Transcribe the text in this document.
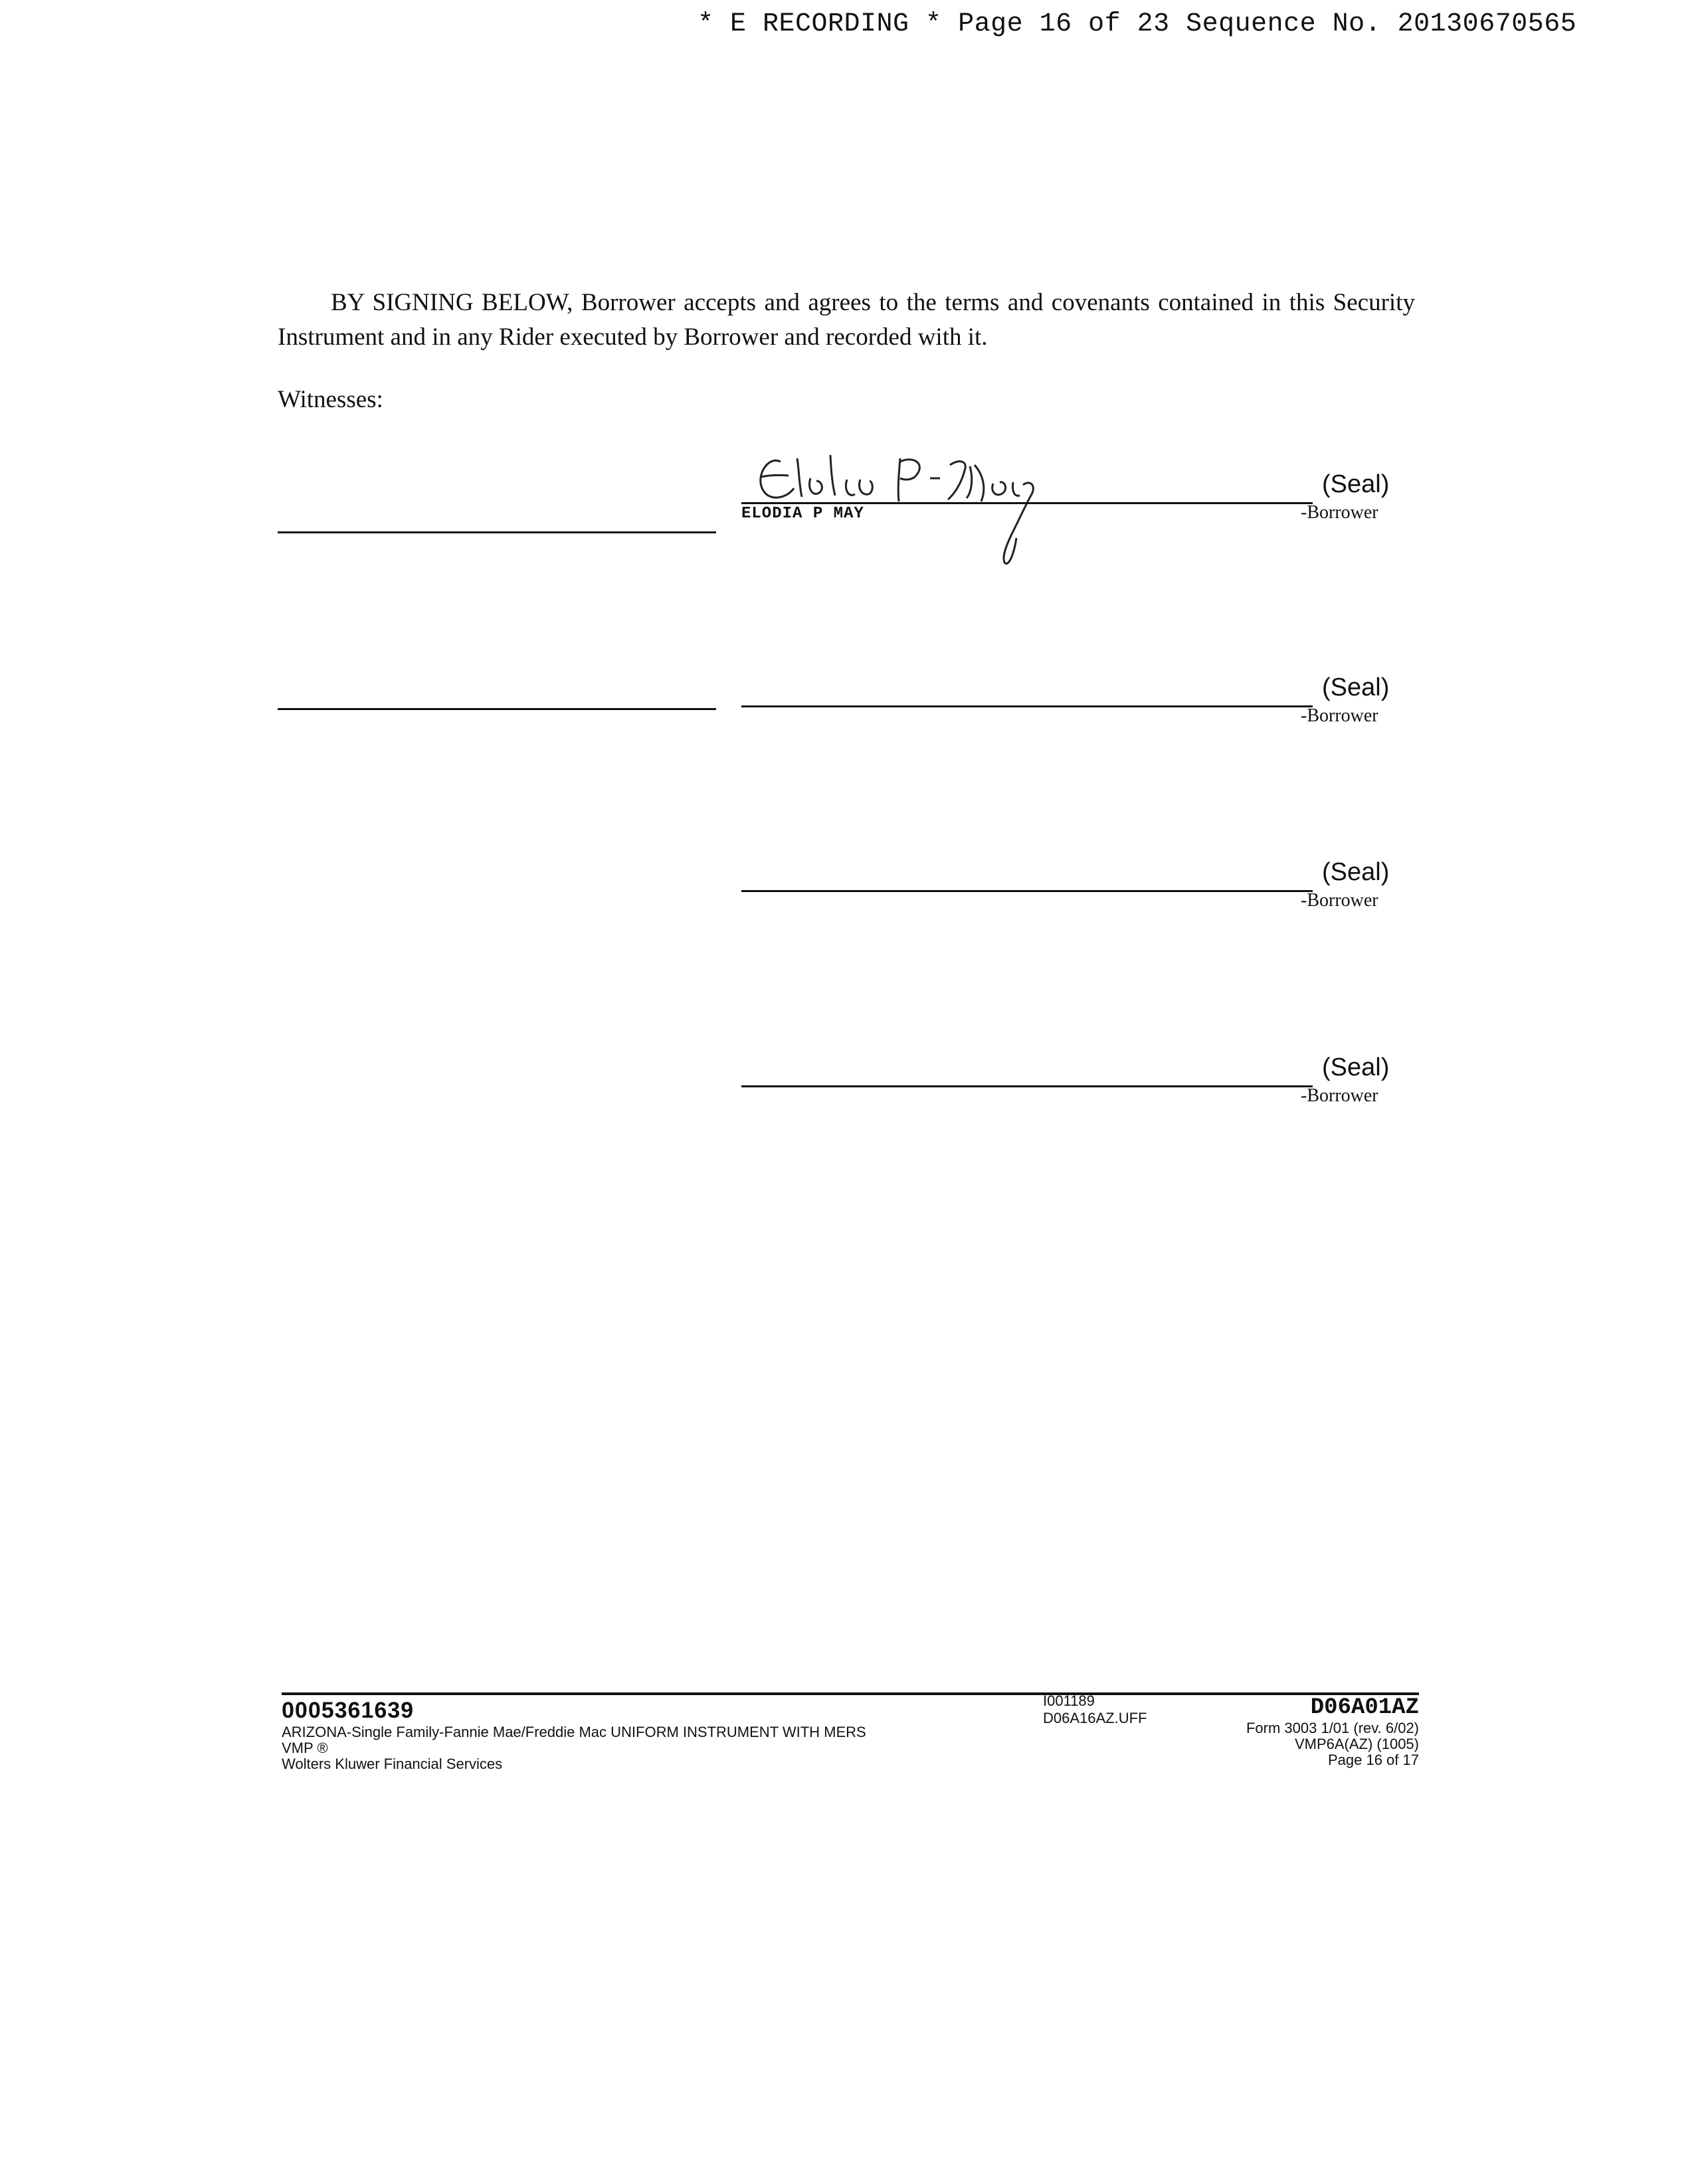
* E RECORDING * Page 16 of 23 Sequence No. 20130670565
BY SIGNING BELOW, Borrower accepts and agrees to the terms and covenants contained in this Security Instrument and in any Rider executed by Borrower and recorded with it.
Witnesses:
(Seal)
-Borrower
ELODIA P MAY
(Seal)
-Borrower
(Seal)
-Borrower
(Seal)
-Borrower
0005361639
ARIZONA-Single Family-Fannie Mae/Freddie Mac UNIFORM INSTRUMENT WITH MERS
VMP ®
Wolters Kluwer Financial Services
I001189
D06A16AZ.UFF	D06A01AZ
Form 3003 1/01 (rev. 6/02)
VMP6A(AZ) (1005)
Page 16 of 17
